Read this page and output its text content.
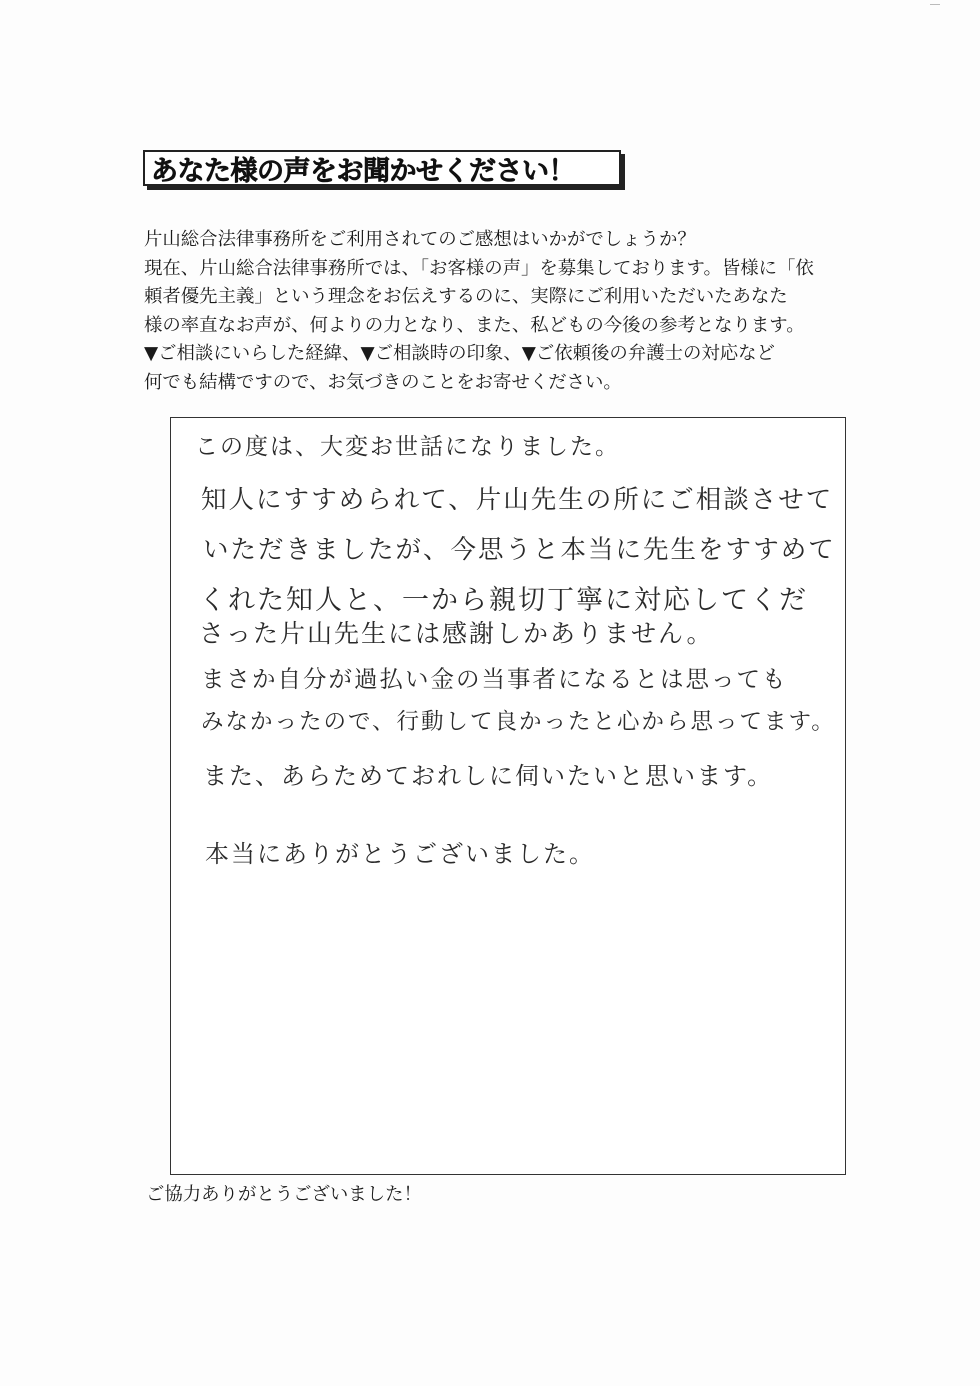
あなた様の声をお聞かせください！
片山総合法律事務所をご利用されてのご感想はいかがでしょうか？
現在、片山総合法律事務所では、「お客様の声」を募集しております。皆様に「依
頼者優先主義」という理念をお伝えするのに、実際にご利用いただいたあなた
様の率直なお声が、何よりの力となり、また、私どもの今後の参考となります。
▼ご相談にいらした経緯、▼ご相談時の印象、▼ご依頼後の弁護士の対応など
何でも結構ですので、お気づきのことをお寄せください。
この度は、大変お世話になりました。
知人にすすめられて、片山先生の所にご相談させて
いただきましたが、今思うと本当に先生をすすめて
くれた知人と、一から親切丁寧に対応してくだ
さった片山先生には感謝しかありません。
まさか自分が過払い金の当事者になるとは思っても
みなかったので、行動して良かったと心から思ってます。
また、あらためておれしに伺いたいと思います。
本当にありがとうございました。
ご協力ありがとうございました！
